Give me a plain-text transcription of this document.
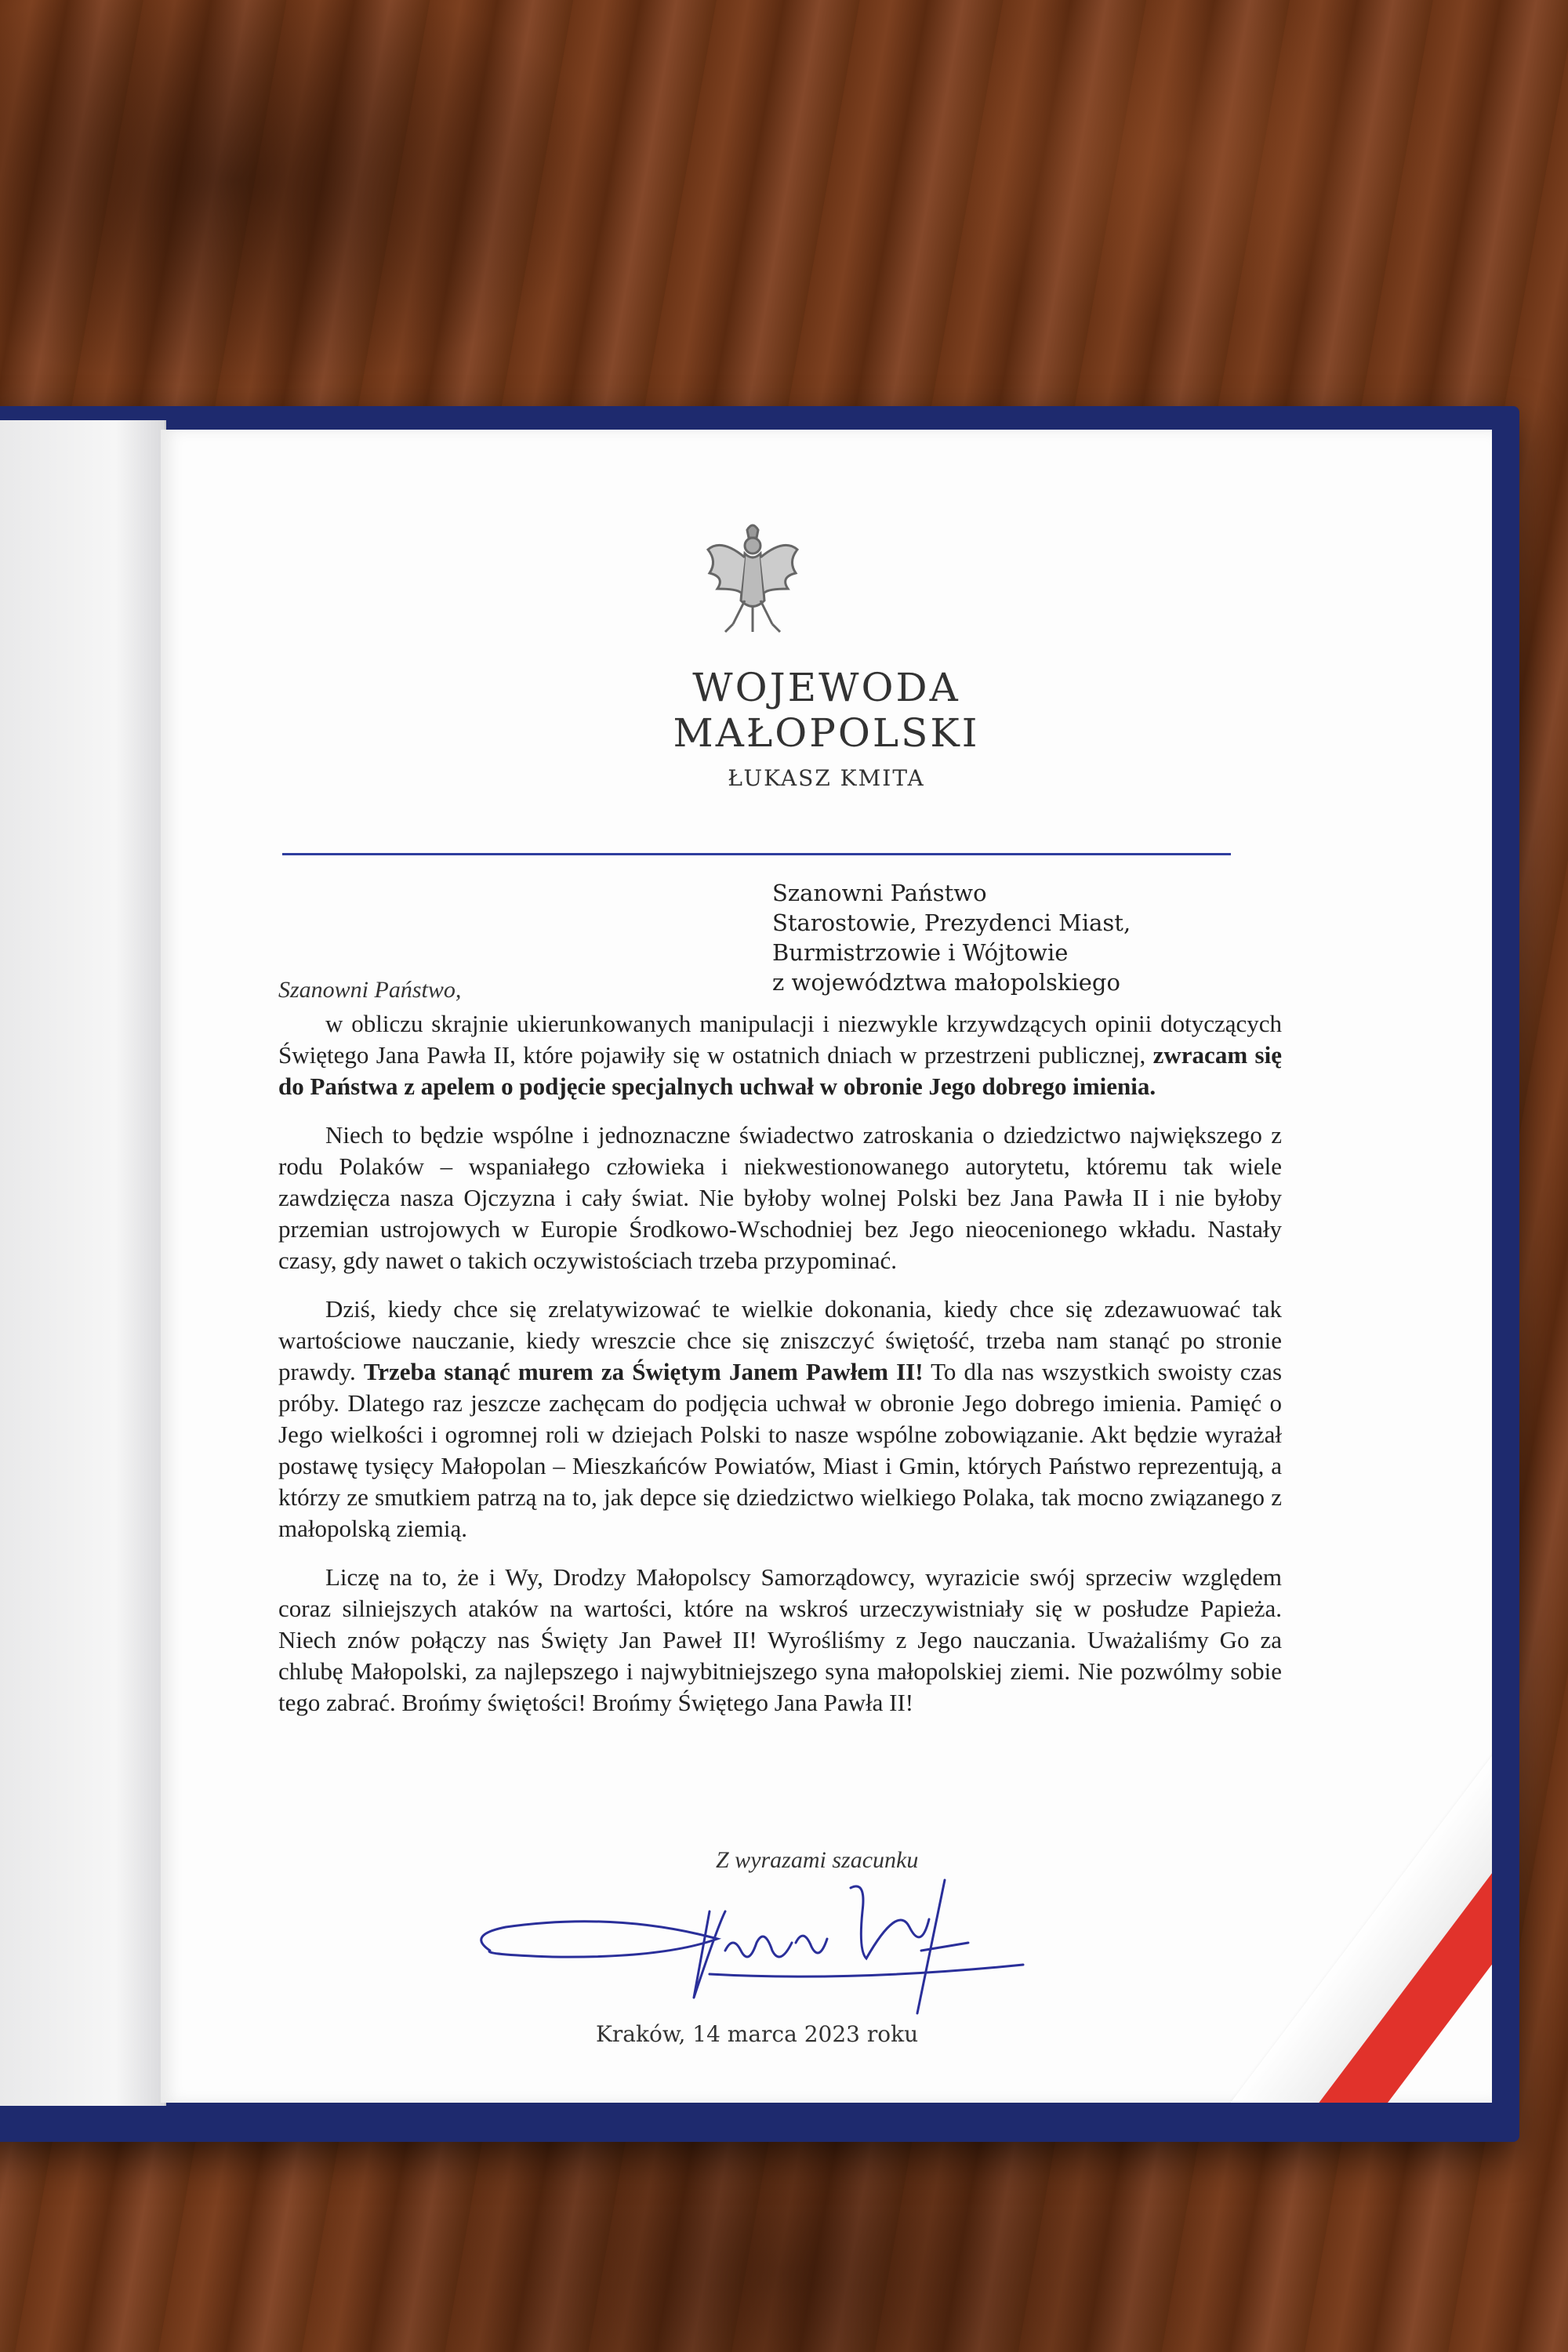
WOJEWODA
MAŁOPOLSKI
ŁUKASZ KMITA
Szanowni Państwo
Starostowie, Prezydenci Miast,
Burmistrzowie i Wójtowie
z województwa małopolskiego
Szanowni Państwo,

w obliczu skrajnie ukierunkowanych manipulacji i niezwykle krzywdzących opinii dotyczących Świętego Jana Pawła II, które pojawiły się w ostatnich dniach w przestrzeni publicznej, zwracam się do Państwa z apelem o podjęcie specjalnych uchwał w obronie Jego dobrego imienia.

Niech to będzie wspólne i jednoznaczne świadectwo zatroskania o dziedzictwo największego z rodu Polaków – wspaniałego człowieka i niekwestionowanego autorytetu, któremu tak wiele zawdzięcza nasza Ojczyzna i cały świat. Nie byłoby wolnej Polski bez Jana Pawła II i nie byłoby przemian ustrojowych w Europie Środkowo-Wschodniej bez Jego nieocenionego wkładu. Nastały czasy, gdy nawet o takich oczywistościach trzeba przypominać.

Dziś, kiedy chce się zrelatywizować te wielkie dokonania, kiedy chce się zdezawuować tak wartościowe nauczanie, kiedy wreszcie chce się zniszczyć świętość, trzeba nam stanąć po stronie prawdy. Trzeba stanąć murem za Świętym Janem Pawłem II! To dla nas wszystkich swoisty czas próby. Dlatego raz jeszcze zachęcam do podjęcia uchwał w obronie Jego dobrego imienia. Pamięć o Jego wielkości i ogromnej roli w dziejach Polski to nasze wspólne zobowiązanie. Akt będzie wyrażał postawę tysięcy Małopolan – Mieszkańców Powiatów, Miast i Gmin, których Państwo reprezentują, a którzy ze smutkiem patrzą na to, jak depce się dziedzictwo wielkiego Polaka, tak mocno związanego z małopolską ziemią.

Liczę na to, że i Wy, Drodzy Małopolscy Samorządowcy, wyrazicie swój sprzeciw względem coraz silniejszych ataków na wartości, które na wskroś urzeczywistniały się w posłudze Papieża. Niech znów połączy nas Święty Jan Paweł II! Wyrośliśmy z Jego nauczania. Uważaliśmy Go za chlubę Małopolski, za najlepszego i najwybitniejszego syna małopolskiej ziemi. Nie pozwólmy sobie tego zabrać. Brońmy świętości! Brońmy Świętego Jana Pawła II!

Z wyrazami szacunku
Kraków, 14 marca 2023 roku
